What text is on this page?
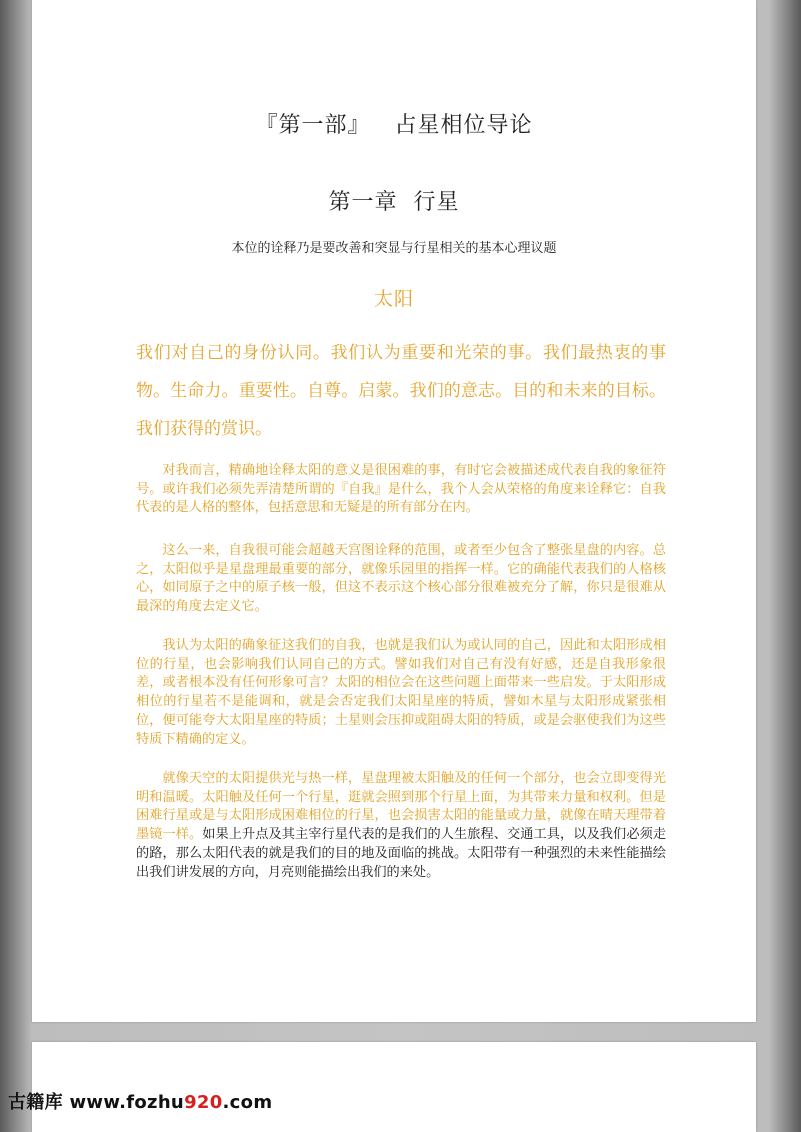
『第一部』   占星相位导论
第一章  行星
本位的诠释乃是要改善和突显与行星相关的基本心理议题
太阳
我们对自己的身份认同。我们认为重要和光荣的事。我们最热衷的事物。生命力。重要性。自尊。启蒙。我们的意志。目的和未来的目标。我们获得的赏识。

对我而言，精确地诠释太阳的意义是很困难的事，有时它会被描述成代表自我的象征符号。或许我们必须先弄清楚所谓的『自我』是什么，我个人会从荣格的角度来诠释它：自我代表的是人格的整体，包括意思和无疑是的所有部分在内。

这么一来，自我很可能会超越天宫图诠释的范围，或者至少包含了整张星盘的内容。总之，太阳似乎是星盘理最重要的部分，就像乐园里的指挥一样。它的确能代表我们的人格核心，如同原子之中的原子核一般，但这不表示这个核心部分很难被充分了解，你只是很难从最深的角度去定义它。

我认为太阳的确象征这我们的自我，也就是我们认为或认同的自己，因此和太阳形成相位的行星，也会影响我们认同自己的方式。譬如我们对自己有没有好感，还是自我形象很差，或者根本没有任何形象可言？太阳的相位会在这些问题上面带来一些启发。于太阳形成相位的行星若不是能调和，就是会否定我们太阳星座的特质，譬如木星与太阳形成紧张相位，便可能夸大太阳星座的特质；土星则会压抑或阻碍太阳的特质，或是会驱使我们为这些特质下精确的定义。

就像天空的太阳提供光与热一样，星盘理被太阳触及的任何一个部分，也会立即变得光明和温暖。太阳触及任何一个行星，逛就会照到那个行星上面，为其带来力量和权利。但是困难行星或是与太阳形成困难相位的行星，也会损害太阳的能量或力量，就像在晴天理带着墨镜一样。如果上升点及其主宰行星代表的是我们的人生旅程、交通工具，以及我们必须走的路，那么太阳代表的就是我们的目的地及面临的挑战。太阳带有一种强烈的未来性能描绘出我们讲发展的方向，月亮则能描绘出我们的来处。

古籍库 www.fozhu920.com
